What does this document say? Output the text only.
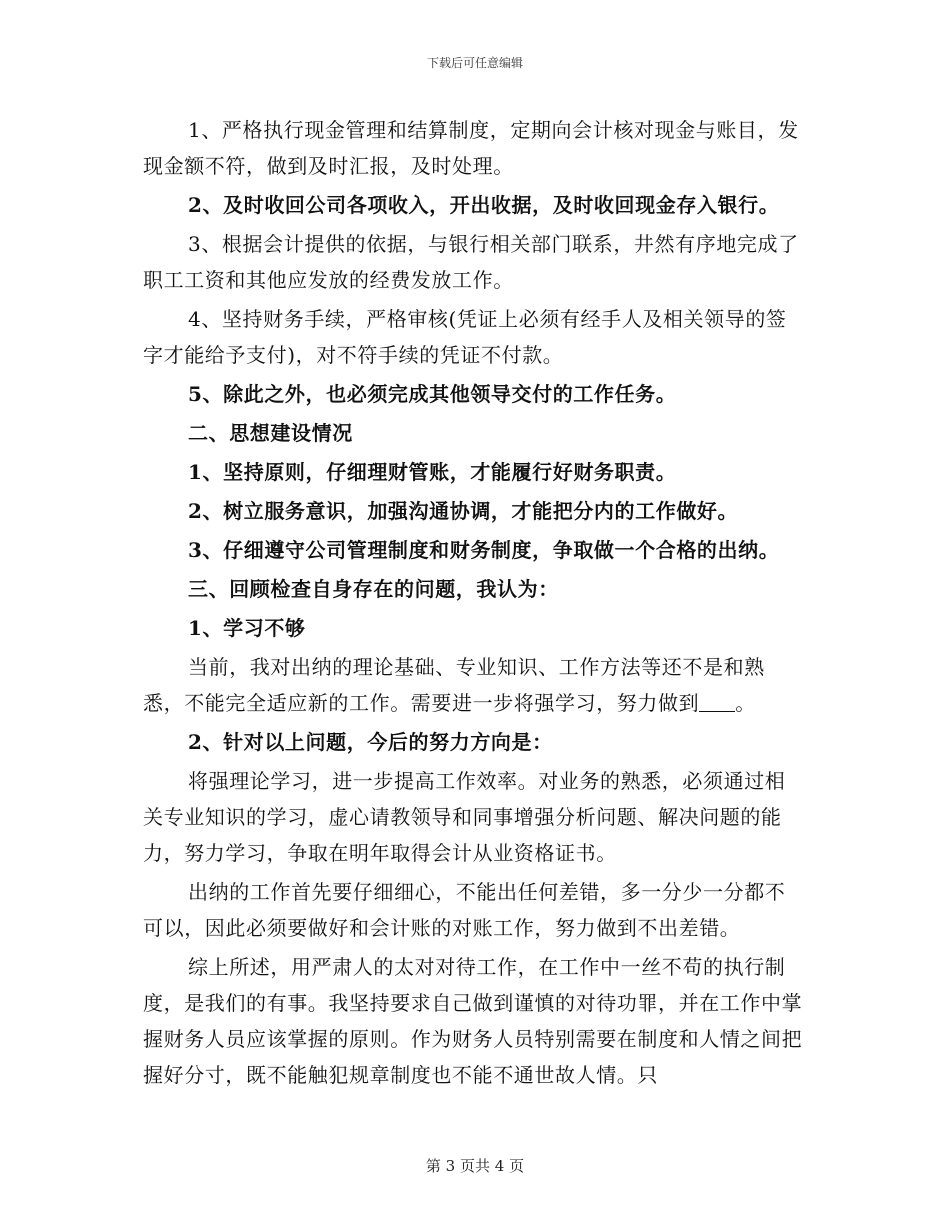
下载后可任意编辑

1、严格执行现金管理和结算制度，定期向会计核对现金与账目，发现金额不符，做到及时汇报，及时处理。

2、及时收回公司各项收入，开出收据，及时收回现金存入银行。

3、根据会计提供的依据，与银行相关部门联系，井然有序地完成了职工工资和其他应发放的经费发放工作。

4、坚持财务手续，严格审核(凭证上必须有经手人及相关领导的签字才能给予支付)，对不符手续的凭证不付款。

5、除此之外，也必须完成其他领导交付的工作任务。

二、思想建设情况

1、坚持原则，仔细理财管账，才能履行好财务职责。

2、树立服务意识，加强沟通协调，才能把分内的工作做好。

3、仔细遵守公司管理制度和财务制度，争取做一个合格的出纳。

三、回顾检查自身存在的问题，我认为：

1、学习不够

当前，我对出纳的理论基础、专业知识、工作方法等还不是和熟悉，不能完全适应新的工作。需要进一步将强学习，努力做到 。

2、针对以上问题，今后的努力方向是：

将强理论学习，进一步提高工作效率。对业务的熟悉，必须通过相关专业知识的学习，虚心请教领导和同事增强分析问题、解决问题的能力，努力学习，争取在明年取得会计从业资格证书。

出纳的工作首先要仔细细心，不能出任何差错，多一分少一分都不可以，因此必须要做好和会计账的对账工作，努力做到不出差错。

综上所述，用严肃人的太对对待工作，在工作中一丝不苟的执行制度，是我们的有事。我坚持要求自己做到谨慎的对待功罪，并在工作中掌握财务人员应该掌握的原则。作为财务人员特别需要在制度和人情之间把握好分寸，既不能触犯规章制度也不能不通世故人情。只

第 3 页共 4 页
